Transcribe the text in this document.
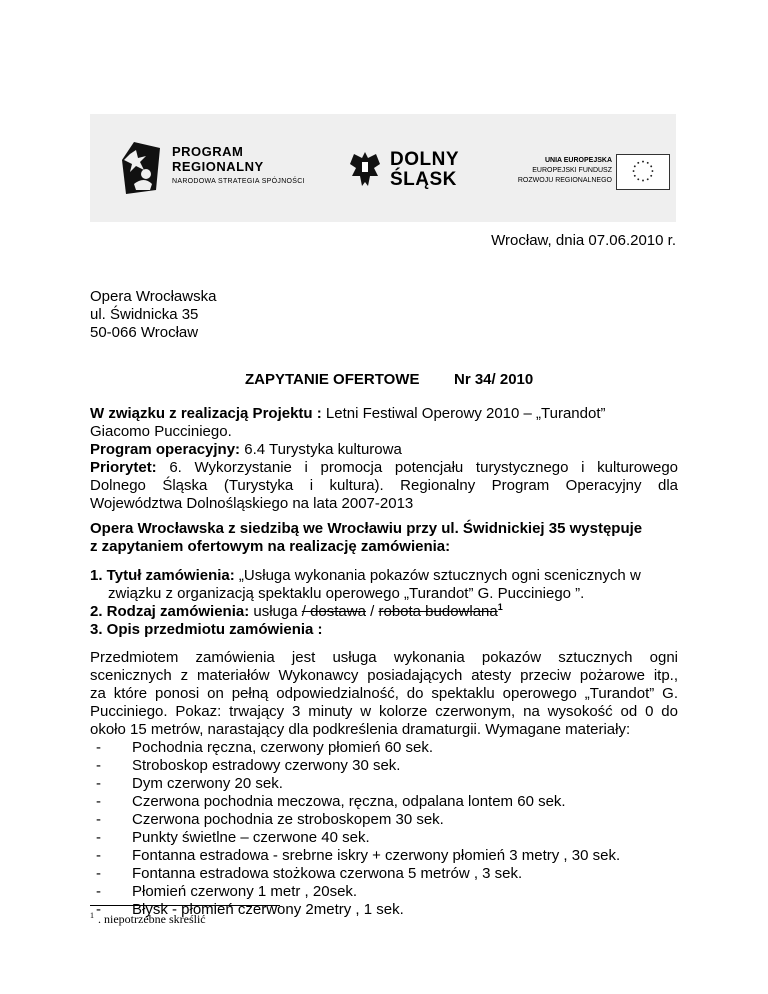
PROGRAM
REGIONALNY
NARODOWA STRATEGIA SPÓJNOŚCI
DOLNY
ŚLĄSK
UNIA EUROPEJSKA
EUROPEJSKI FUNDUSZ
ROZWOJU REGIONALNEGO
Wrocław, dnia 07.06.2010 r.
Opera Wrocławska
ul. Świdnicka 35
50-066 Wrocław
ZAPYTANIE OFERTOWE Nr 34/ 2010
W związku z realizacją Projektu : Letni Festiwal Operowy 2010 – „Turandot”
Giacomo Pucciniego.
Program operacyjny: 6.4 Turystyka kulturowa
Priorytet: 6. Wykorzystanie i promocja potencjału turystycznego i kulturowego
Dolnego Śląska (Turystyka i kultura). Regionalny Program Operacyjny dla
Województwa Dolnośląskiego na lata 2007-2013
Opera Wrocławska z siedzibą we Wrocławiu przy ul. Świdnickiej 35 występuje
z zapytaniem ofertowym na realizację zamówienia:
1. Tytuł zamówienia: „Usługa wykonania pokazów sztucznych ogni scenicznych w
związku z organizacją spektaklu operowego „Turandot” G. Pucciniego ”.
2. Rodzaj zamówienia: usługa / dostawa / robota budowlana$^1$
3. Opis przedmiotu zamówienia :
Przedmiotem zamówienia jest usługa wykonania pokazów sztucznych ogni
scenicznych z materiałów Wykonawcy posiadających atesty przeciw pożarowe itp.,
za które ponosi on pełną odpowiedzialność, do spektaklu operowego „Turandot” G.
Pucciniego. Pokaz: trwający 3 minuty w kolorze czerwonym, na wysokość od 0 do
około 15 metrów, narastający dla podkreślenia dramaturgii. Wymagane materiały:
- Pochodnia ręczna, czerwony płomień 60 sek.
- Stroboskop estradowy czerwony 30 sek.
- Dym czerwony 20 sek.
- Czerwona pochodnia meczowa, ręczna, odpalana lontem 60 sek.
- Czerwona pochodnia ze stroboskopem 30 sek.
- Punkty świetlne – czerwone 40 sek.
- Fontanna estradowa - srebrne iskry + czerwony płomień 3 metry , 30 sek.
- Fontanna estradowa stożkowa czerwona 5 metrów , 3 sek.
- Płomień czerwony 1 metr , 20sek.
- Błysk - płomień czerwony 2metry , 1 sek.
$^1$ . niepotrzebne skreślić
